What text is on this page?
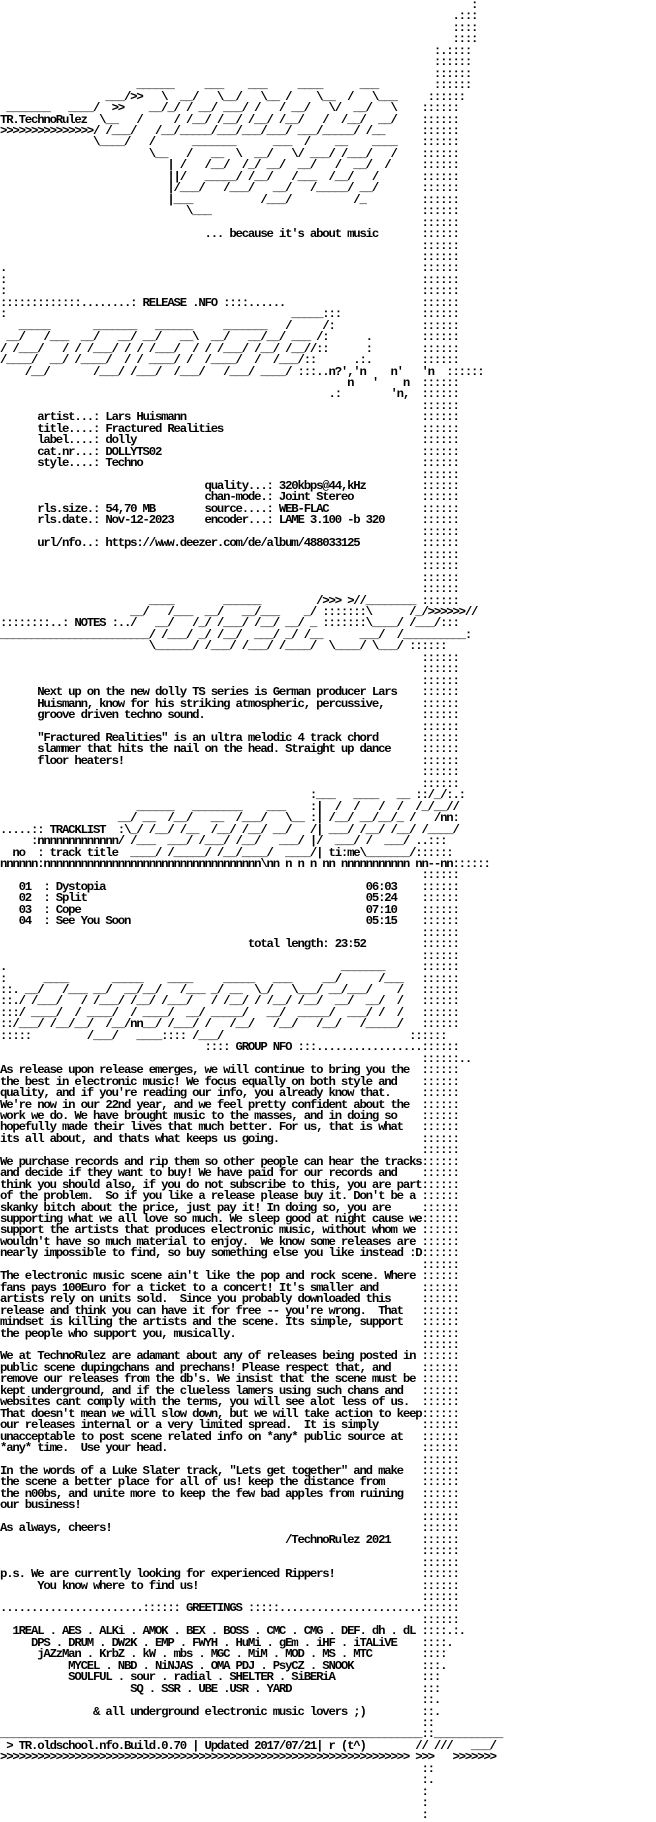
:
.:::
::::
::::
:.::::
::::::
::::::
______     ___    ___     ____      ___         ::::::
___/>>   \  __/   \__/   \__ /    \__  /   \___     ::::::
_______   ____/  >>    __/_/ / __/ ___/ /   / __/   \/  __/   \    ::::::
TR.TechnoRulez  \__   /     / /__/ /__/ /__/ /__/   /  /__/  __/    ::::::
>>>>>>>>>>>>>>>/ /___/   /__/_____/___/___/___/ ___/_____/ /__      ::::::
\____/   /      _______      ___  /    __    ____    ::::::
\__   /   __  \  __/   \/ ___/ /___/   /    ::::::
| /   /__/  /_/ __/  __/   /  __/  /     ::::::
||/   _____/ /__/   /___  /__/   /       ::::::
|/___/   /___/   __/   /_____/ __/       ::::::
|___           /___/          /_         ::::::
\___                                  ::::::
::::::
... because it's about music       ::::::
::::::
::::::
.                                                                   ::::::
:                                                                   ::::::
:                                                                   ::::::
:::::::::::::........: RELEASE .NFO ::::......                      ::::::
:                                              _____:::             ::::::
_____       _______   ______     _______   /     /:              ::::::
__/   /___  __/   __/ __/   __\  __/   __/__/ ___ /:      .        ::::::
/ /___/   / / /___/ / / /___/  / / /___/ /__/ /__//::      :        ::::::
/____/  __/ /____/  / / ____/ /  /____/  /  /___/::      .:.        ::::::
/__/       /___/ /___/  /___/   /___/ ____/ :::..n?','n    n'   'n  ::::::
n   '    n  ::::::
.:        'n,  ::::::
::::::
artist...: Lars Huismann                                      ::::::
title....: Fractured Realities                                ::::::
label....: dolly                                              ::::::
cat.nr...: DOLLYTS02                                          ::::::
style....: Techno                                             ::::::
::::::
quality...: 320kbps@44,kHz         ::::::
chan-mode.: Joint Stereo           ::::::
rls.size.: 54,70 MB        source....: WEB-FLAC               ::::::
rls.date.: Nov-12-2023     encoder...: LAME 3.100 -b 320      ::::::
::::::
url/nfo..: https://www.deezer.com/de/album/488033125          ::::::
::::::
::::::
::::::
::::::
____        ______         />>> >//________ ::::::
__/   /___  __/   __/___    _/ :::::::\      /_/>>>>>>//
::::::::..: NOTES :../   __/   /_/ /___/ /__/ __/ _ :::::::\____/ /___/:::
________________________/ /___/ _/ /__/  ___/ _/ /__      ___/  /__________:
\______/ /___/ /___/ /____/  \____/ \___/ ::::::
::::::
::::::
::::::
Next up on the new dolly TS series is German producer Lars    ::::::
Huismann, know for his striking atmospheric, percussive,      ::::::
groove driven techno sound.                                   ::::::
::::::
"Fractured Realities" is an ultra melodic 4 track chord       ::::::
slammer that hits the nail on the head. Straight up dance     ::::::
floor heaters!                                                ::::::
::::::
::::::
:___   ____   __ ::/_/:.:
______   ________    ___    :|  /  /   /  /  /_/__//
__/ __  /__/   __  /___/   \__ :| /__/ __/__/_ /   /nn:
.....:: TRACKLIST  :\_/ /__/ /__  /__/ /__/ __/   /| ___/ /__/ /__/ /____/
:nnnnnnnnnnnnn/ /___  ___/ /___/ /__/   ___/ |/  ___/ /  ___/ ..:::
no  : track title  ____/ /_____/ /__/____/  ____/| ti:me\_______/::::::
nnnnnn:nnnnnnnnnnnnnnnnnnnnnnnnnnnnnnnnnnn\nn n n n nn nnnnnnnnnnn nn--nn::::::
::::::
01  : Dystopia                                          06:03    ::::::
02  : Split                                             05:24    ::::::
03  : Cope                                              07:10    ::::::
04  : See You Soon                                      05:15    ::::::
::::::
total length: 23:52         ::::::
::::::
.                                                      _______      ::::::
:      ____       _____    ____     _____   ___     __/      /___   ::::::
::. __/   /___ __/  __/__/   /___ _/ __  \_/   \___/ __/___/    /   ::::::
::./ /___/   / /___/ /__/ /___/   / /__/ / /__/ /__/  __/  __/  /   ::::::
:::/ ____/  / ____/  / ____/  __/ _____/   __/  _____/  ___/ /  /   ::::::
::/___/ /__/__/  /__/nn__/ /___/ /   /__/   /__/   /__/   /_____/   ::::::
:::::         /___/   ____:::: /___/                              ::::::
:::: GROUP NFO :::.................::::::
::::::..
As release upon release emerges, we will continue to bring you the  ::::::
the best in electronic music! We focus equally on both style and    ::::::
quality, and if you're reading our info, you already know that.     ::::::
We're now in our 22nd year, and we feel pretty confident about the  ::::::
work we do. We have brought music to the masses, and in doing so    ::::::
hopefully made their lives that much better. For us, that is what   ::::::
its all about, and thats what keeps us going.                       ::::::
::::::
We purchase records and rip them so other people can hear the tracks::::::
and decide if they want to buy! We have paid for our records and    ::::::
think you should also, if you do not subscribe to this, you are part::::::
of the problem.  So if you like a release please buy it. Don't be a ::::::
skanky bitch about the price, just pay it! In doing so, you are     ::::::
supporting what we all love so much. We sleep good at night cause we::::::
support the artists that produces electronic music, without whom we ::::::
wouldn't have so much material to enjoy.  We know some releases are ::::::
nearly impossible to find, so buy something else you like instead :D::::::
::::::
The electronic music scene ain't like the pop and rock scene. Where ::::::
fans pays 100Euro for a ticket to a concert! It's smaller and       ::::::
artists rely on units sold.  Since you probably downloaded this     ::::::
release and think you can have it for free -- you're wrong.  That   ::::::
mindset is killing the artists and the scene. Its simple, support   ::::::
the people who support you, musically.                              ::::::
::::::
We at TechnoRulez are adamant about any of releases being posted in ::::::
public scene dupingchans and prechans! Please respect that, and     ::::::
remove our releases from the db's. We insist that the scene must be ::::::
kept underground, and if the clueless lamers using such chans and   ::::::
websites cant comply with the terms, you will see alot less of us.  ::::::
That doesn't mean we will slow down, but we will take action to keep::::::
our releases internal or a very limited spread.  It is simply       ::::::
unacceptable to post scene related info on *any* public source at   ::::::
*any* time.  Use your head.                                         ::::::
::::::
In the words of a Luke Slater track, "Lets get together" and make   ::::::
the scene a better place for all of us! keep the distance from      ::::::
the n00bs, and unite more to keep the few bad apples from ruining   ::::::
our business!                                                       ::::::
::::::
As always, cheers!                                                  ::::::
/TechnoRulez 2021     ::::::
::::::
::::::
p.s. We are currently looking for experienced Rippers!              ::::::
You know where to find us!                                    ::::::
::::::
.......................:::::: GREETINGS :::::.......................::::::
::::::
1REAL . AES . ALKi . AMOK . BEX . BOSS . CMC . CMG . DEF. dh . dL ::::.:.
DPS . DRUM . DW2K . EMP . FWYH . HuMi . gEm . iHF . iTALiVE    ::::.
jAZzMan . KrbZ . kW . mbs . MGC . MiM . MOD . MS . MTC        ::::
MYCEL . NBD . NiNJAS . OMA PDJ . PsyCZ . SNOOK           :::.
SOULFUL . sour . radial . SHELTER . SiBERiA              :::
SQ . SSR . UBE .USR . YARD                     :::
::.
& all underground electronic music lovers ;)         ::.
::
____________________________________________________________________::___________
> TR.oldschool.nfo.Build.0.70 | Updated 2017/07/21| r (t^)        // ///   ___/
>>>>>>>>>>>>>>>>>>>>>>>>>>>>>>>>>>>>>>>>>>>>>>>>>>>>>>>>>>>>>>>>>> >>>   >>>>>>>
::
:.
:
:
:
